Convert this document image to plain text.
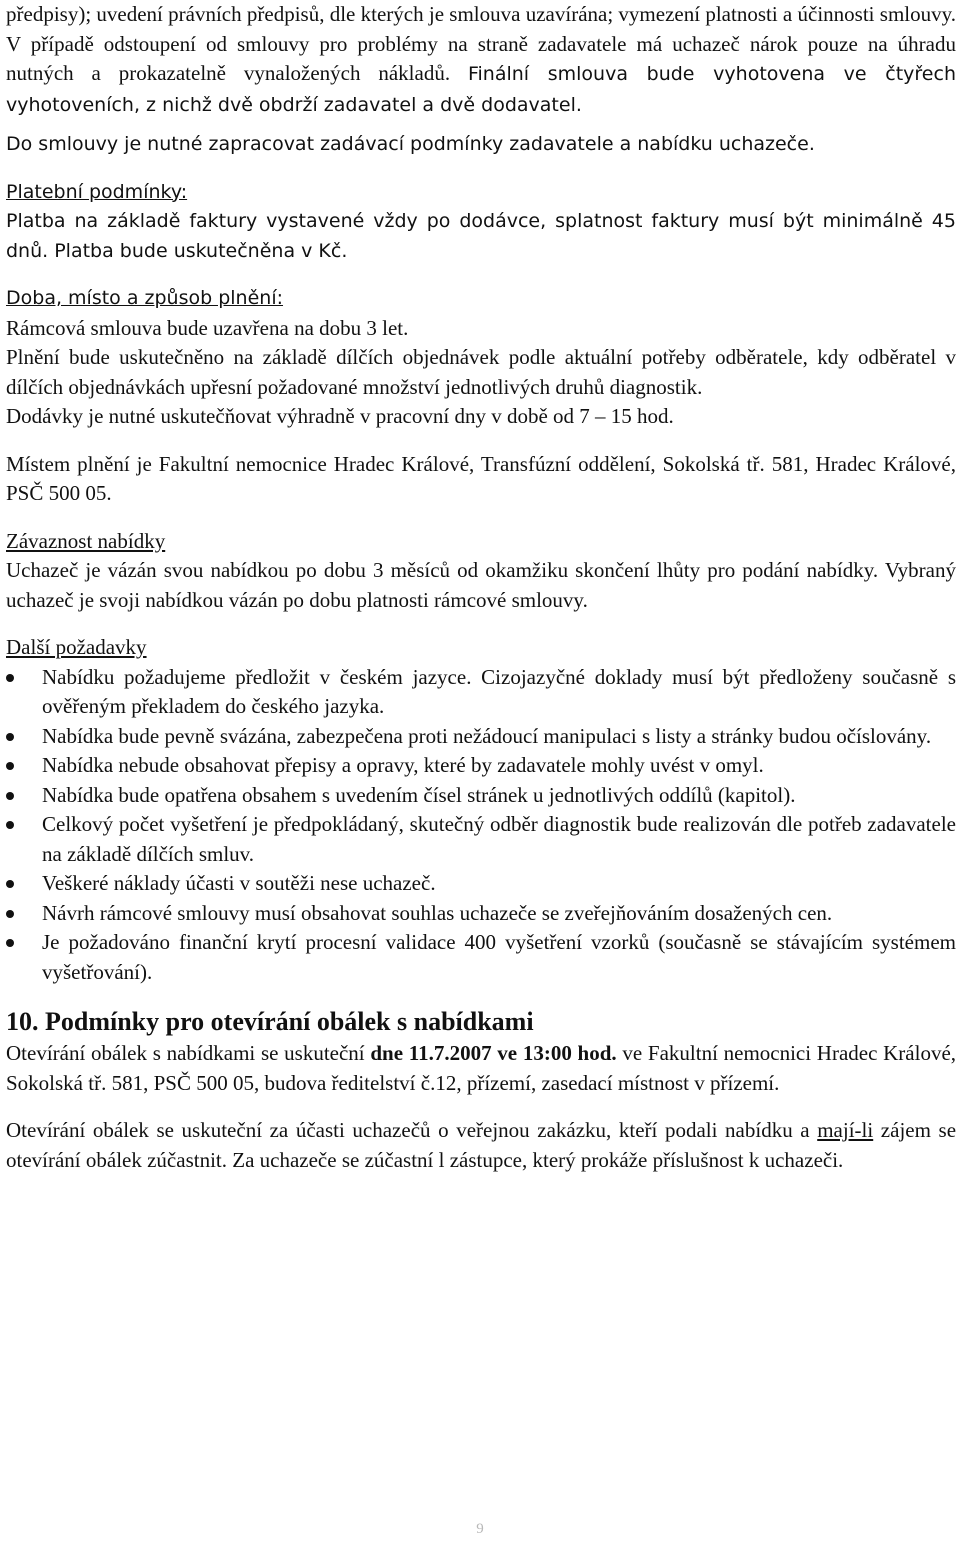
předpisy); uvedení právních předpisů, dle kterých je smlouva uzavírána; vymezení platnosti a účinnosti smlouvy. V případě odstoupení od smlouvy pro problémy na straně zadavatele má uchazeč nárok pouze na úhradu nutných a prokazatelně vynaložených nákladů. Finální smlouva bude vyhotovena ve čtyřech vyhotoveních, z nichž dvě obdrží zadavatel a dvě dodavatel.

Do smlouvy je nutné zapracovat zadávací podmínky zadavatele a nabídku uchazeče.

Platební podmínky:

Platba na základě faktury vystavené vždy po dodávce, splatnost faktury musí být minimálně 45 dnů. Platba bude uskutečněna v Kč.

Doba, místo a způsob plnění:

Rámcová smlouva bude uzavřena na dobu 3 let.

Plnění bude uskutečněno na základě dílčích objednávek podle aktuální potřeby odběratele, kdy odběratel v dílčích objednávkách upřesní požadované množství jednotlivých druhů diagnostik.

Dodávky je nutné uskutečňovat výhradně v pracovní dny v době od 7 – 15 hod.

Místem plnění je Fakultní nemocnice Hradec Králové, Transfúzní oddělení, Sokolská tř. 581, Hradec Králové, PSČ 500 05.

Závaznost nabídky

Uchazeč je vázán svou nabídkou po dobu 3 měsíců od okamžiku skončení lhůty pro podání nabídky. Vybraný uchazeč je svoji nabídkou vázán po dobu platnosti rámcové smlouvy.

Další požadavky

Nabídku požadujeme předložit v českém jazyce. Cizojazyčné doklady musí být předloženy současně s ověřeným překladem do českého jazyka.
Nabídka bude pevně svázána, zabezpečena proti nežádoucí manipulaci s listy a stránky budou očíslovány.
Nabídka nebude obsahovat přepisy a opravy, které by zadavatele mohly uvést v omyl.
Nabídka bude opatřena obsahem s uvedením čísel stránek u jednotlivých oddílů (kapitol).
Celkový počet vyšetření je předpokládaný, skutečný odběr diagnostik bude realizován dle potřeb zadavatele na základě dílčích smluv.
Veškeré náklady účasti v soutěži nese uchazeč.
Návrh rámcové smlouvy musí obsahovat souhlas uchazeče se zveřejňováním dosažených cen.
Je požadováno finanční krytí procesní validace 400 vyšetření vzorků (současně se stávajícím systémem vyšetřování).
10. Podmínky pro otevírání obálek s nabídkami

Otevírání obálek s nabídkami se uskuteční dne 11.7.2007 ve 13:00 hod. ve Fakultní nemocnici Hradec Králové, Sokolská tř. 581, PSČ 500 05, budova ředitelství č.12, přízemí, zasedací místnost v přízemí.

Otevírání obálek se uskuteční za účasti uchazečů o veřejnou zakázku, kteří podali nabídku a mají-li zájem se otevírání obálek zúčastnit. Za uchazeče se zúčastní l zástupce, který prokáže příslušnost k uchazeči.

9
